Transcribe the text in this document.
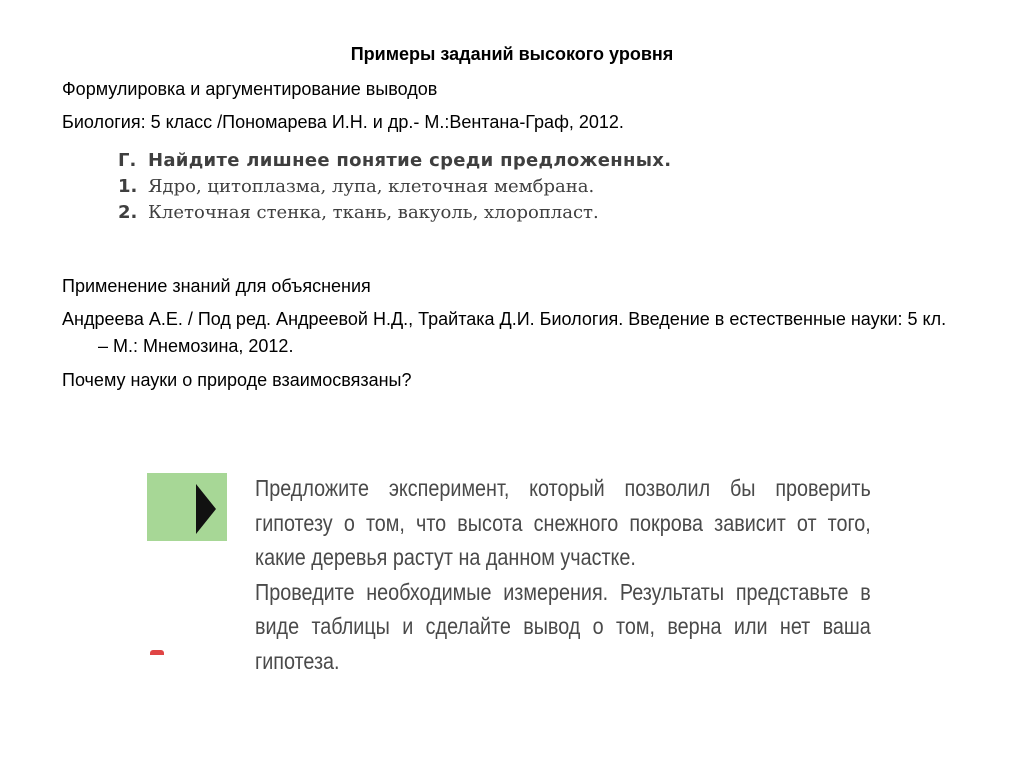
Примеры заданий высокого уровня
Формулировка и аргументирование выводов
Биология: 5 класс /Пономарева И.Н. и др.- М.:Вентана-Граф, 2012.
Г. Найдите лишнее понятие среди предложенных.
1. Ядро, цитоплазма, лупа, клеточная мембрана.
2. Клеточная стенка, ткань, вакуоль, хлоропласт.
Применение знаний для объяснения
Андреева А.Е. / Под ред. Андреевой Н.Д., Трайтака Д.И. Биология. Введение в естественные науки: 5 кл. – М.: Мнемозина, 2012.
Почему науки о природе взаимосвязаны?

Предложите эксперимент, который позволил бы проверить гипотезу о том, что высота снежного покрова зависит от того, какие деревья растут на данном участке.

Проведите необходимые измерения. Результаты представьте в виде таблицы и сделайте вывод о том, верна или нет ваша гипотеза.
